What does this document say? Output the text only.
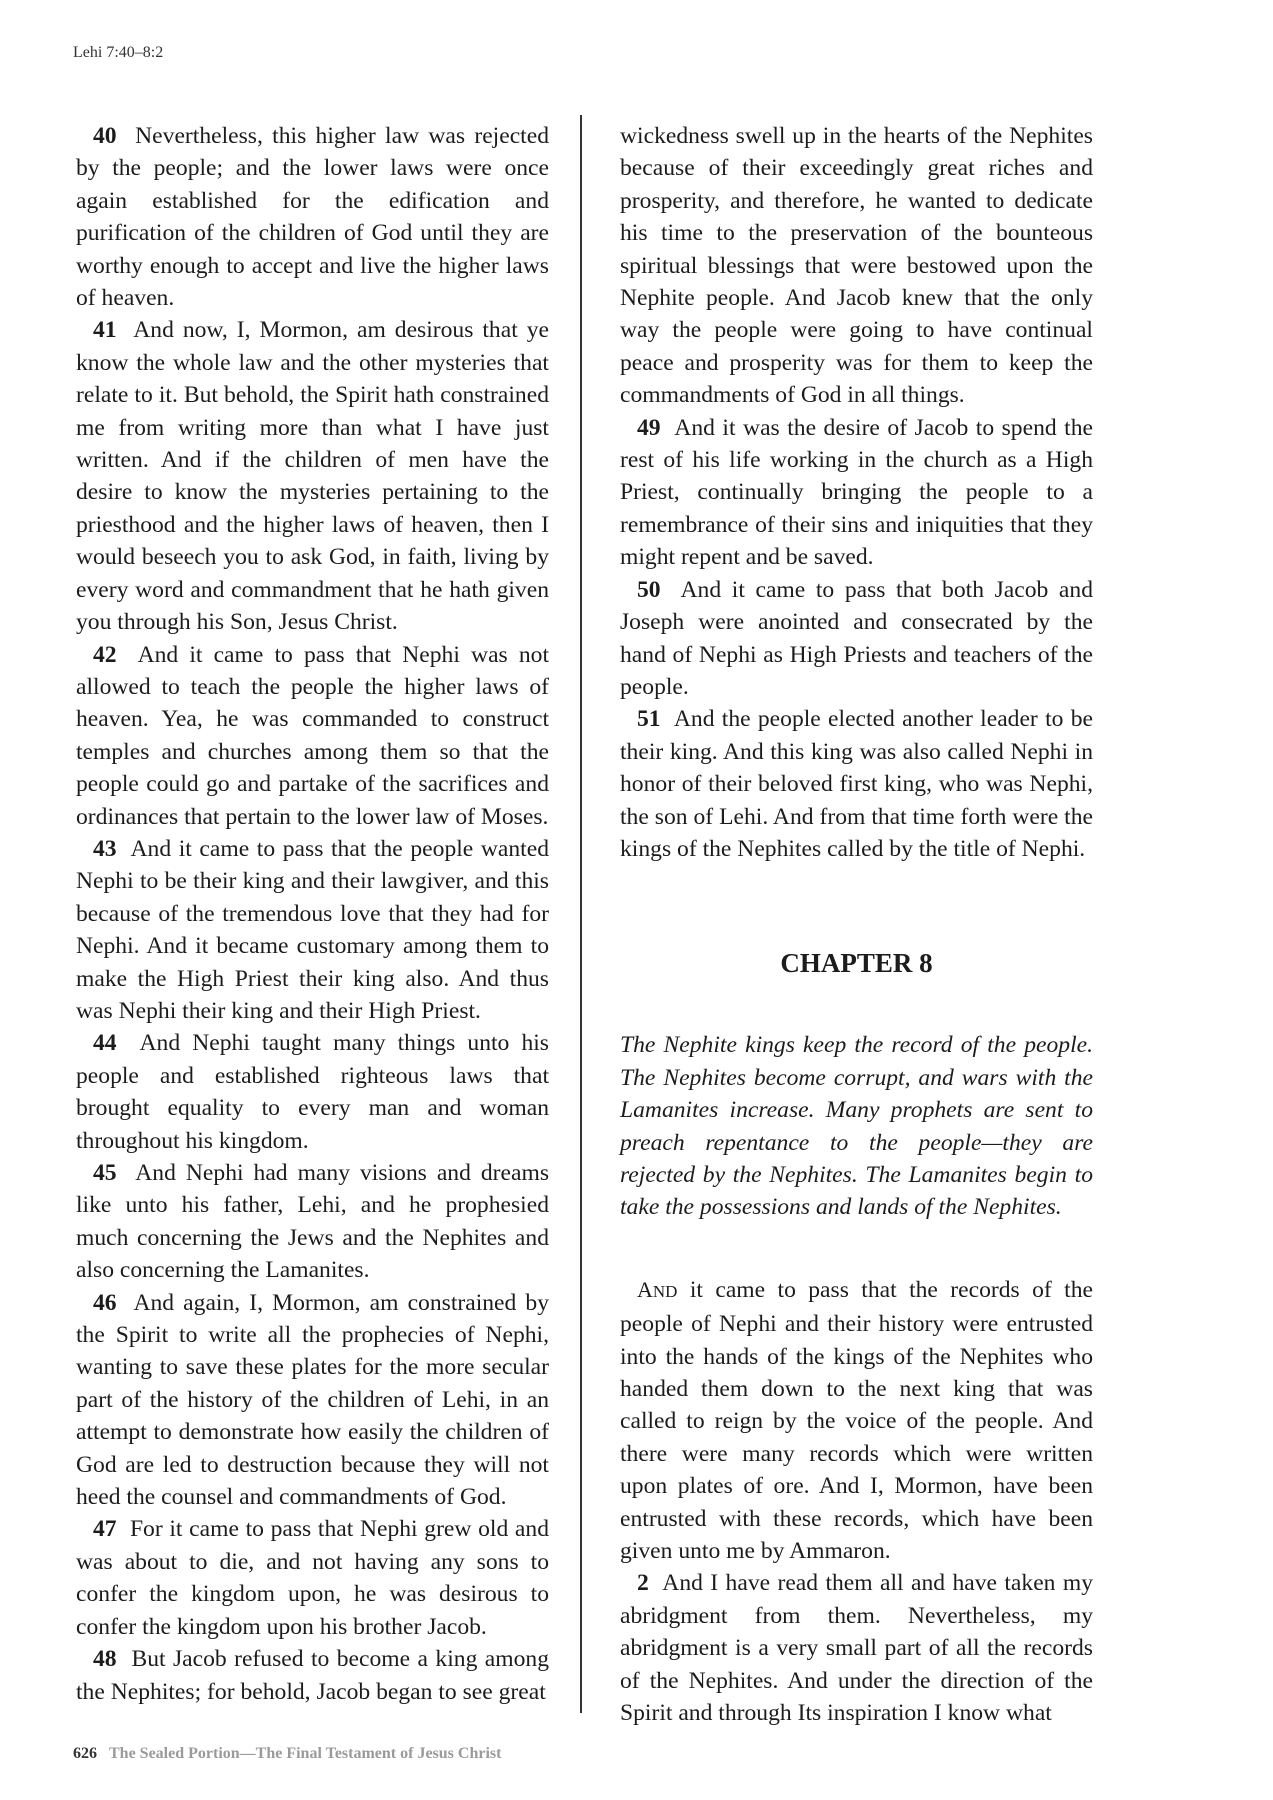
Lehi 7:40–8:2

40 Nevertheless, this higher law was rejected by the people; and the lower laws were once again established for the edification and purification of the children of God until they are worthy enough to accept and live the higher laws of heaven.

41 And now, I, Mormon, am desirous that ye know the whole law and the other mysteries that relate to it. But behold, the Spirit hath constrained me from writing more than what I have just written. And if the children of men have the desire to know the mysteries pertaining to the priesthood and the higher laws of heaven, then I would beseech you to ask God, in faith, living by every word and commandment that he hath given you through his Son, Jesus Christ.

42 And it came to pass that Nephi was not allowed to teach the people the higher laws of heaven. Yea, he was commanded to construct temples and churches among them so that the people could go and partake of the sacrifices and ordinances that pertain to the lower law of Moses.

43 And it came to pass that the people wanted Nephi to be their king and their lawgiver, and this because of the tremendous love that they had for Nephi. And it became customary among them to make the High Priest their king also. And thus was Nephi their king and their High Priest.

44 And Nephi taught many things unto his people and established righteous laws that brought equality to every man and woman throughout his kingdom.

45 And Nephi had many visions and dreams like unto his father, Lehi, and he prophesied much concerning the Jews and the Nephites and also concerning the Lamanites.

46 And again, I, Mormon, am constrained by the Spirit to write all the prophecies of Nephi, wanting to save these plates for the more secular part of the history of the children of Lehi, in an attempt to demonstrate how easily the children of God are led to destruction because they will not heed the counsel and commandments of God.

47 For it came to pass that Nephi grew old and was about to die, and not having any sons to confer the kingdom upon, he was desirous to confer the kingdom upon his brother Jacob.

48 But Jacob refused to become a king among the Nephites; for behold, Jacob began to see great

wickedness swell up in the hearts of the Nephites because of their exceedingly great riches and prosperity, and therefore, he wanted to dedicate his time to the preservation of the bounteous spiritual blessings that were bestowed upon the Nephite people. And Jacob knew that the only way the people were going to have continual peace and prosperity was for them to keep the commandments of God in all things.

49 And it was the desire of Jacob to spend the rest of his life working in the church as a High Priest, continually bringing the people to a remembrance of their sins and iniquities that they might repent and be saved.

50 And it came to pass that both Jacob and Joseph were anointed and consecrated by the hand of Nephi as High Priests and teachers of the people.

51 And the people elected another leader to be their king. And this king was also called Nephi in honor of their beloved first king, who was Nephi, the son of Lehi. And from that time forth were the kings of the Nephites called by the title of Nephi.

CHAPTER 8

The Nephite kings keep the record of the people. The Nephites become corrupt, and wars with the Lamanites increase. Many prophets are sent to preach repentance to the people—they are rejected by the Nephites. The Lamanites begin to take the possessions and lands of the Nephites.

AND it came to pass that the records of the people of Nephi and their history were entrusted into the hands of the kings of the Nephites who handed them down to the next king that was called to reign by the voice of the people. And there were many records which were written upon plates of ore. And I, Mormon, have been entrusted with these records, which have been given unto me by Ammaron.

2 And I have read them all and have taken my abridgment from them. Nevertheless, my abridgment is a very small part of all the records of the Nephites. And under the direction of the Spirit and through Its inspiration I know what

626 The Sealed Portion—The Final Testament of Jesus Christ
